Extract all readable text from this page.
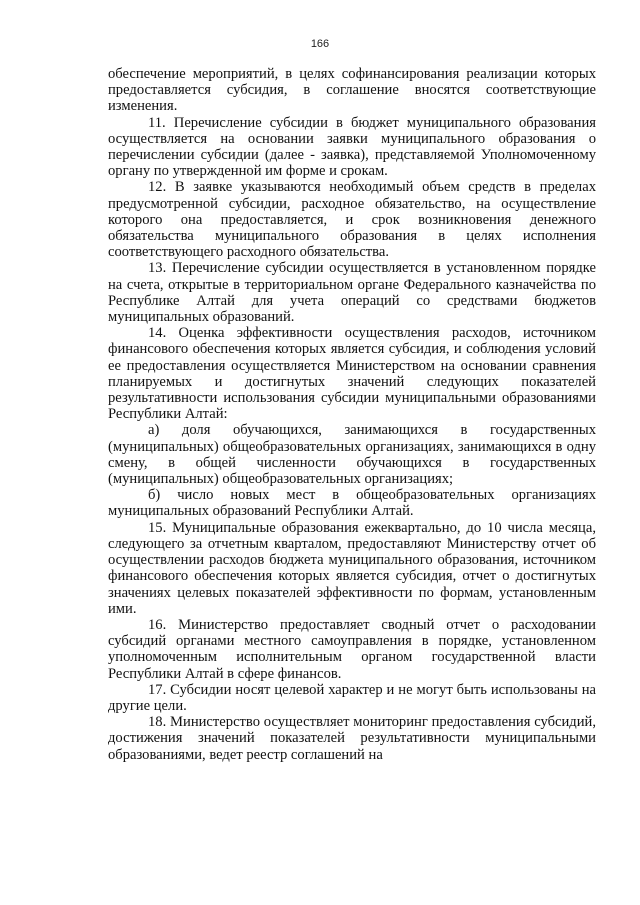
166

обеспечение мероприятий, в целях софинансирования реализации которых предоставляется субсидия, в соглашение вносятся соответствующие изменения.

11. Перечисление субсидии в бюджет муниципального образования осуществляется на основании заявки муниципального образования о перечислении субсидии (далее - заявка), представляемой Уполномоченному органу по утвержденной им форме и срокам.

12. В заявке указываются необходимый объем средств в пределах предусмотренной субсидии, расходное обязательство, на осуществление которого она предоставляется, и срок возникновения денежного обязательства муниципального образования в целях исполнения соответствующего расходного обязательства.

13. Перечисление субсидии осуществляется в установленном порядке на счета, открытые в территориальном органе Федерального казначейства по Республике Алтай для учета операций со средствами бюджетов муниципальных образований.

14. Оценка эффективности осуществления расходов, источником финансового обеспечения которых является субсидия, и соблюдения условий ее предоставления осуществляется Министерством на основании сравнения планируемых и достигнутых значений следующих показателей результативности использования субсидии муниципальными образованиями Республики Алтай:

а) доля обучающихся, занимающихся в государственных (муниципальных) общеобразовательных организациях, занимающихся в одну смену, в общей численности обучающихся в государственных (муниципальных) общеобразовательных организациях;

б) число новых мест в общеобразовательных организациях муниципальных образований Республики Алтай.

15. Муниципальные образования ежеквартально, до 10 числа месяца, следующего за отчетным кварталом, предоставляют Министерству отчет об осуществлении расходов бюджета муниципального образования, источником финансового обеспечения которых является субсидия, отчет о достигнутых значениях целевых показателей эффективности по формам, установленным ими.

16. Министерство предоставляет сводный отчет о расходовании субсидий органами местного самоуправления в порядке, установленном уполномоченным исполнительным органом государственной власти Республики Алтай в сфере финансов.

17. Субсидии носят целевой характер и не могут быть использованы на другие цели.

18. Министерство осуществляет мониторинг предоставления субсидий, достижения значений показателей результативности муниципальными образованиями, ведет реестр соглашений на
